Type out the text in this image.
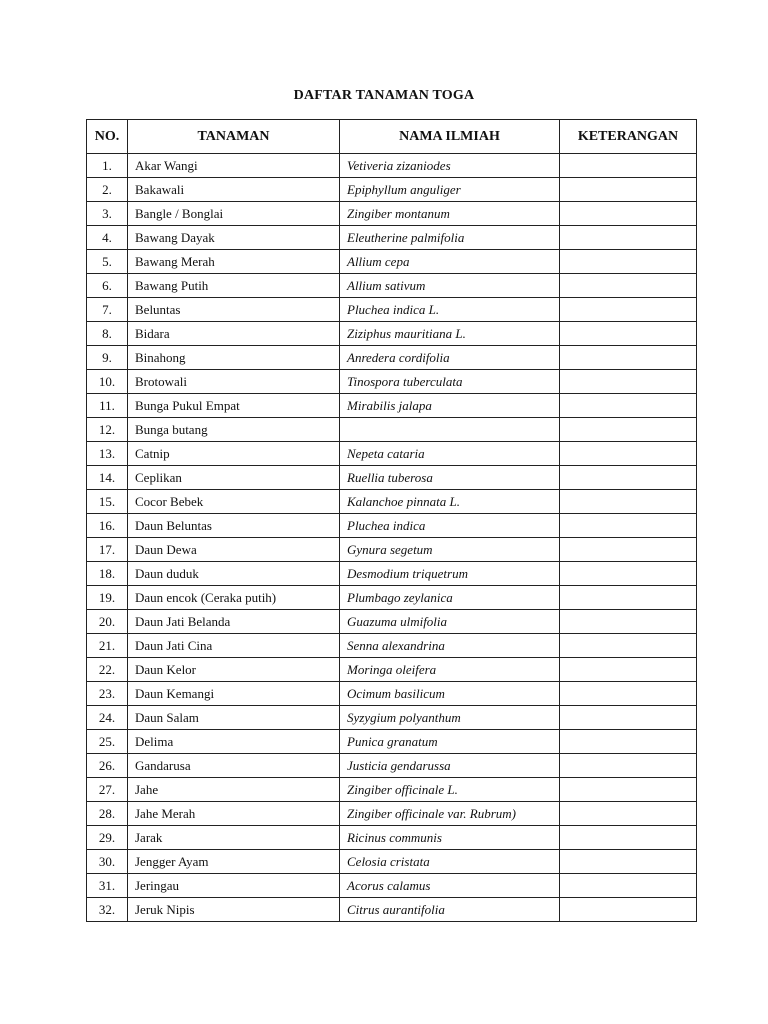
DAFTAR TANAMAN TOGA
NO.	TANAMAN	NAMA ILMIAH	KETERANGAN
1.	Akar Wangi	Vetiveria zizaniodes	
2.	Bakawali	Epiphyllum anguliger	
3.	Bangle / Bonglai	Zingiber montanum	
4.	Bawang Dayak	Eleutherine palmifolia	
5.	Bawang Merah	Allium cepa	
6.	Bawang Putih	Allium sativum	
7.	Beluntas	Pluchea indica L.	
8.	Bidara	Ziziphus mauritiana L.	
9.	Binahong	Anredera cordifolia	
10.	Brotowali	Tinospora tuberculata	
11.	Bunga Pukul Empat	Mirabilis jalapa	
12.	Bunga butang		
13.	Catnip	Nepeta cataria	
14.	Ceplikan	Ruellia tuberosa	
15.	Cocor Bebek	Kalanchoe pinnata L.	
16.	Daun Beluntas	Pluchea indica	
17.	Daun Dewa	Gynura segetum	
18.	Daun duduk	Desmodium triquetrum	
19.	Daun encok (Ceraka putih)	Plumbago zeylanica	
20.	Daun Jati Belanda	Guazuma ulmifolia	
21.	Daun Jati Cina	Senna alexandrina	
22.	Daun Kelor	Moringa oleifera	
23.	Daun Kemangi	Ocimum basilicum	
24.	Daun Salam	Syzygium polyanthum	
25.	Delima	Punica granatum	
26.	Gandarusa	Justicia gendarussa	
27.	Jahe	Zingiber officinale L.	
28.	Jahe Merah	Zingiber officinale var. Rubrum)	
29.	Jarak	Ricinus communis	
30.	Jengger Ayam	Celosia cristata	
31.	Jeringau	Acorus calamus	
32.	Jeruk Nipis	Citrus aurantifolia	
